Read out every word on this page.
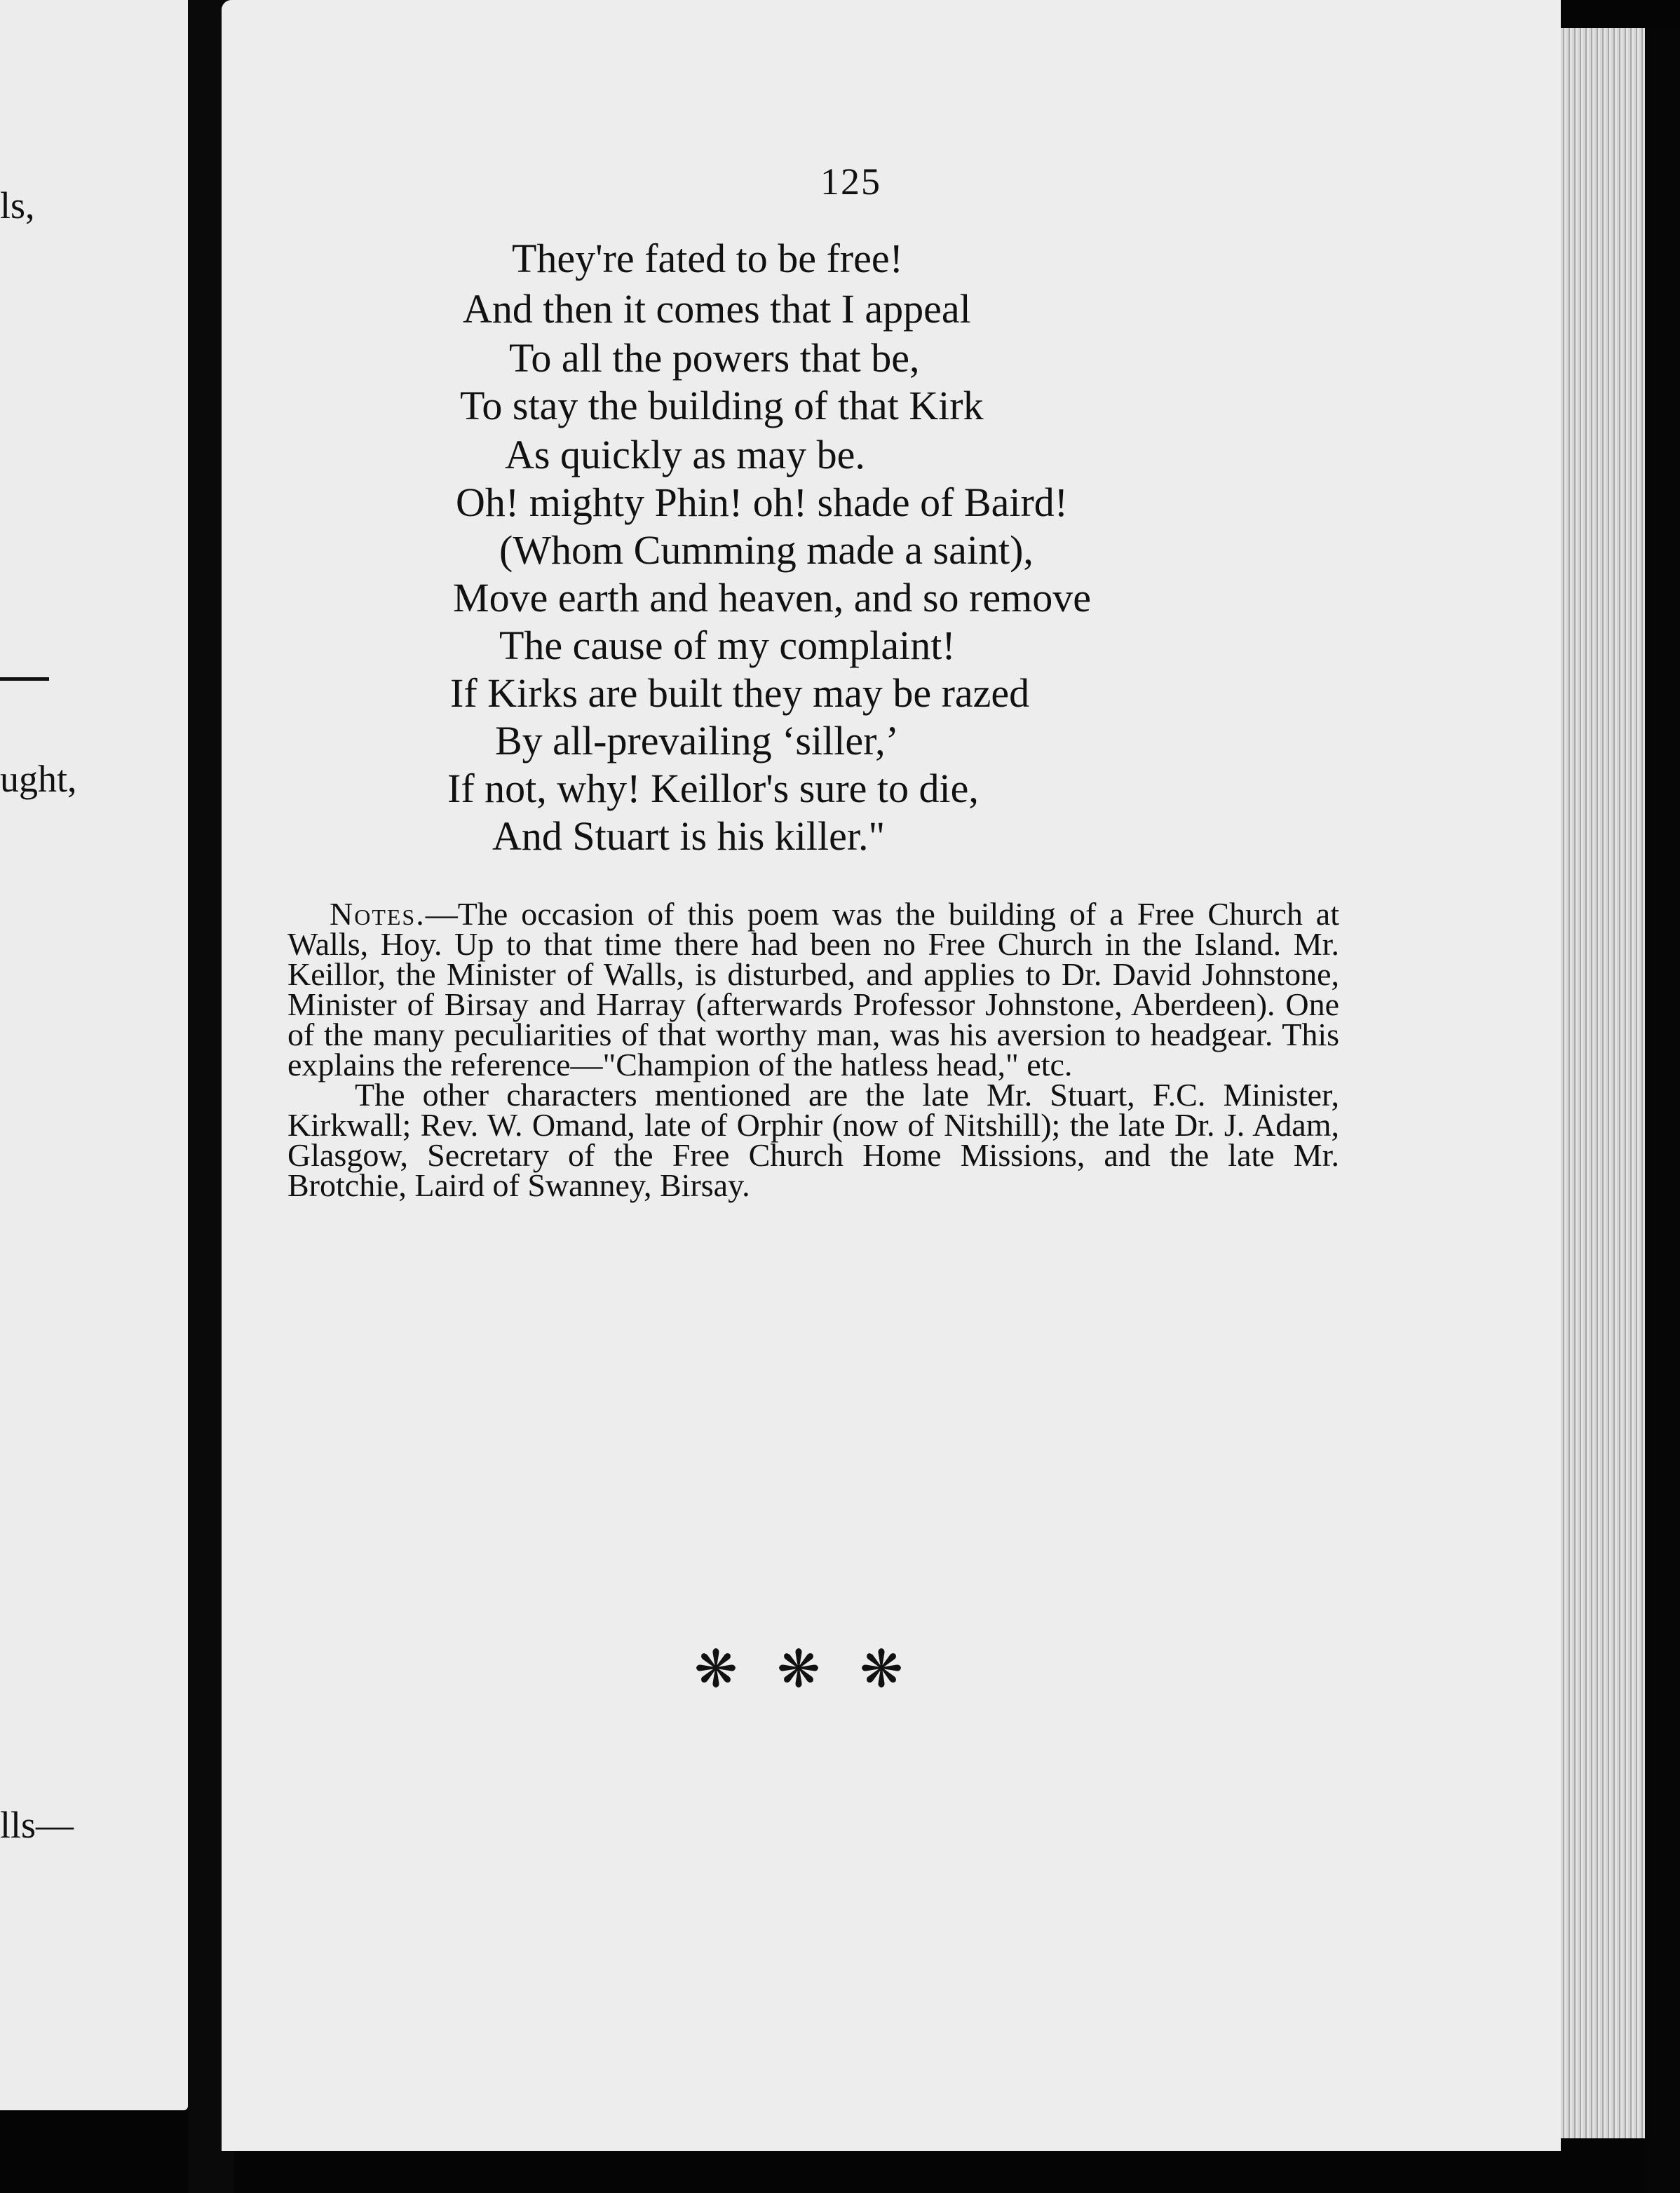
ls,
ught,
lls—
125
They're fated to be free!
And then it comes that I appeal
To all the powers that be,
To stay the building of that Kirk
As quickly as may be.
Oh! mighty Phin! oh! shade of Baird!
(Whom Cumming made a saint),
Move earth and heaven, and so remove
The cause of my complaint!
If Kirks are built they may be razed
By all-prevailing ‘siller,’
If not, why! Keillor's sure to die,
And Stuart is his killer."

Notes.—The occasion of this poem was the building of a Free Church at Walls, Hoy. Up to that time there had been no Free Church in the Island. Mr. Keillor, the Minister of Walls, is disturbed, and applies to Dr. David Johnstone, Minister of Birsay and Harray (afterwards Professor Johnstone, Aberdeen). One of the many peculiarities of that worthy man, was his aversion to headgear. This explains the reference—"Champion of the hatless head," etc.

The other characters mentioned are the late Mr. Stuart, F.C. Minister, Kirkwall; Rev. W. Omand, late of Orphir (now of Nitshill); the late Dr. J. Adam, Glasgow, Secretary of the Free Church Home Missions, and the late Mr. Brotchie, Laird of Swanney, Birsay.

❋❋❋
